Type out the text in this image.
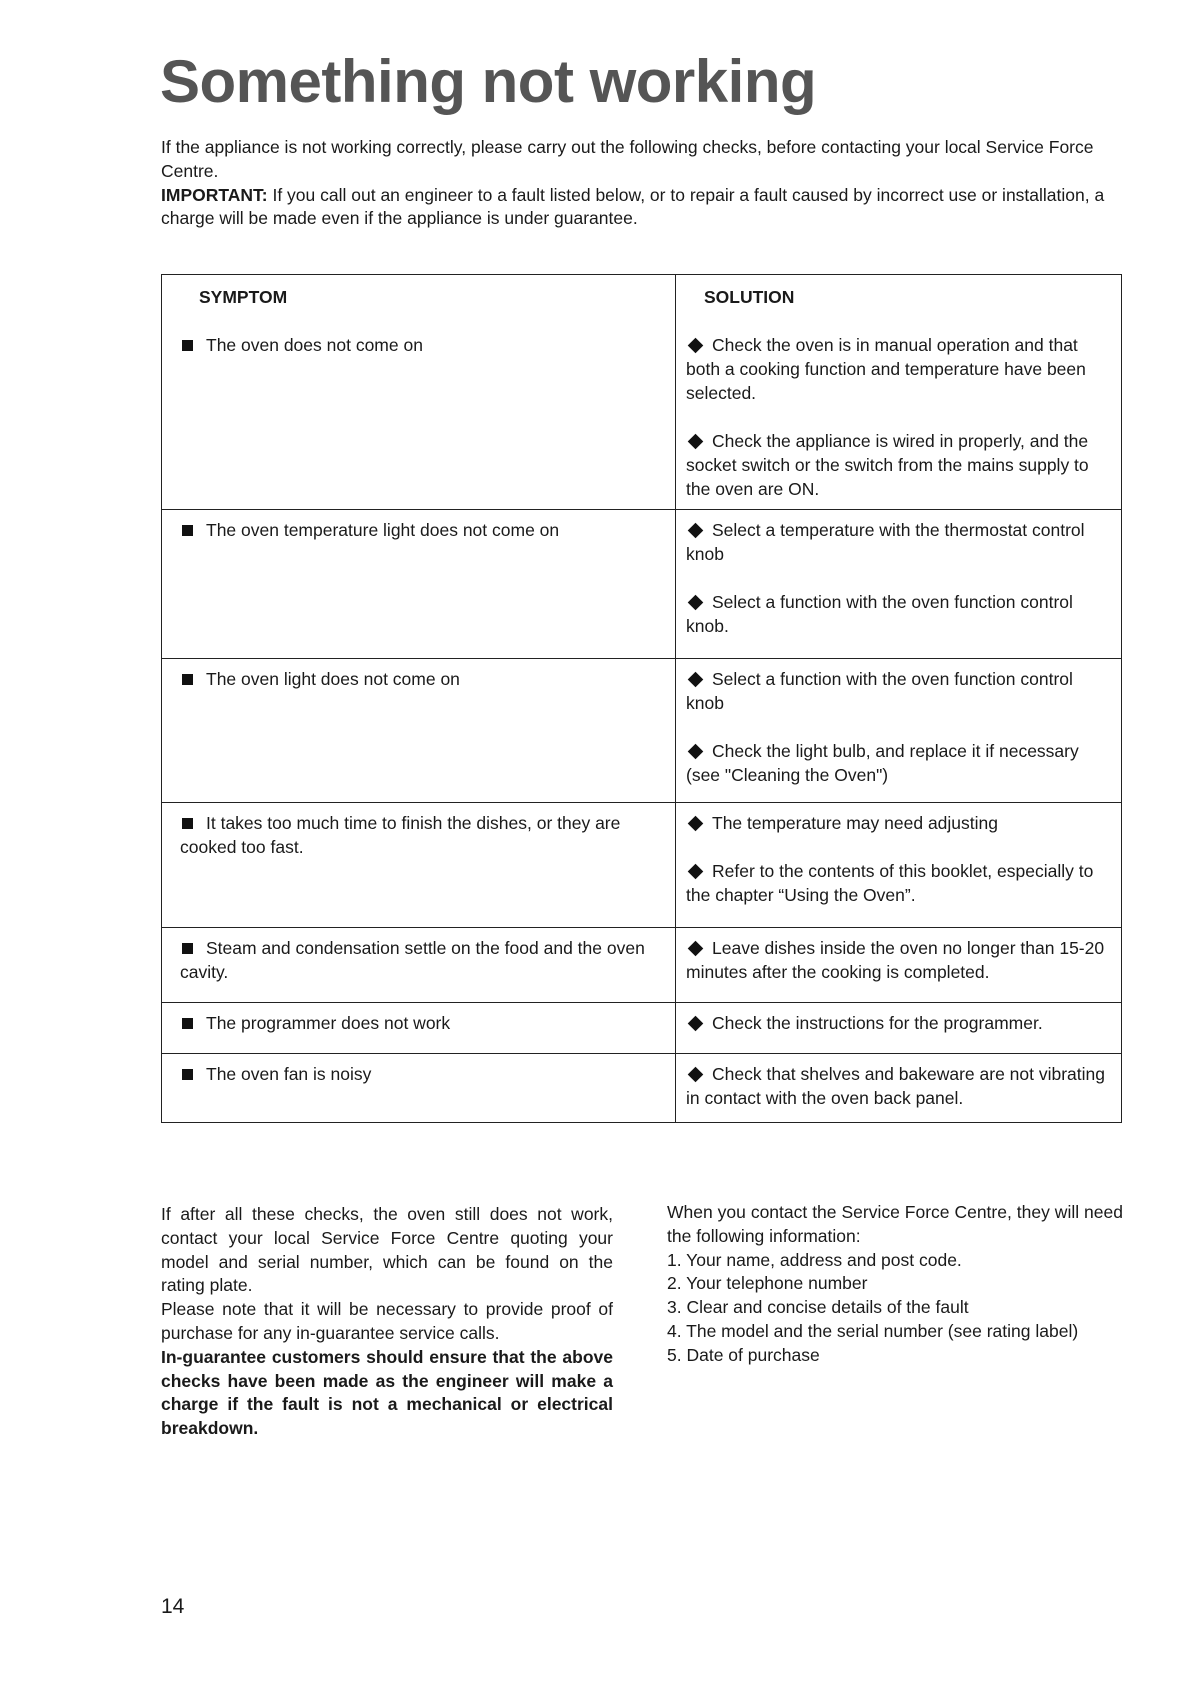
Something not working

If the appliance is not working correctly, please carry out the following checks, before contacting your local Service Force Centre.

IMPORTANT: If you call out an engineer to a fault listed below, or to repair a fault caused by incorrect use or installation, a charge will be made even if the appliance is under guarantee.

SYMPTOM	SOLUTION
The oven does not come on	Check the oven is in manual operation and that both a cooking function and temperature have been selected.

Check the appliance is wired in properly, and the socket switch or the switch from the mains supply to the oven are ON.

The oven temperature light does not come on	Select a temperature with the thermostat control knob

Select a function with the oven function control knob.

The oven light does not come on	Select a function with the oven function control knob

Check the light bulb, and replace it if necessary (see "Cleaning the Oven")

It takes too much time to finish the dishes, or they are cooked too fast.	The temperature may need adjusting

Refer to the contents of this booklet, especially to the chapter “Using the Oven”.

Steam and condensation settle on the food and the oven cavity.	Leave dishes inside the oven no longer than 15-20 minutes after the cooking is completed.

The programmer does not work	Check the instructions for the programmer.

The oven fan is noisy	Check that shelves and bakeware are not vibrating in contact with the oven back panel.

If after all these checks, the oven still does not work, contact your local Service Force Centre quoting your model and serial number, which can be found on the rating plate.

Please note that it will be necessary to provide proof of purchase for any in-guarantee service calls.

In-guarantee customers should ensure that the above checks have been made as the engineer will make a charge if the fault is not a mechanical or electrical breakdown.

When you contact the Service Force Centre, they will need the following information:

1. Your name, address and post code.
2. Your telephone number
3. Clear and concise details of the fault
4. The model and the serial number (see rating label)
5. Date of purchase
14
